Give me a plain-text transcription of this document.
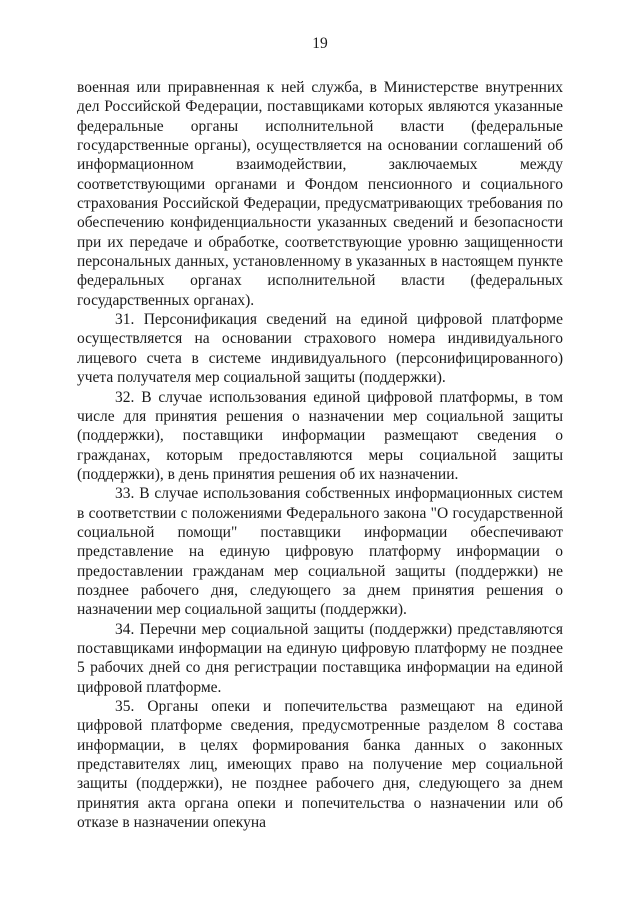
19

военная или приравненная к ней служба, в Министерстве внутренних дел Российской Федерации, поставщиками которых являются указанные федеральные органы исполнительной власти (федеральные государственные органы), осуществляется на основании соглашений об информационном взаимодействии, заключаемых между соответствующими органами и Фондом пенсионного и социального страхования Российской Федерации, предусматривающих требования по обеспечению конфиденциальности указанных сведений и безопасности при их передаче и обработке, соответствующие уровню защищенности персональных данных, установленному в указанных в настоящем пункте федеральных органах исполнительной власти (федеральных государственных органах).

31. Персонификация сведений на единой цифровой платформе осуществляется на основании страхового номера индивидуального лицевого счета в системе индивидуального (персонифицированного) учета получателя мер социальной защиты (поддержки).

32. В случае использования единой цифровой платформы, в том числе для принятия решения о назначении мер социальной защиты (поддержки), поставщики информации размещают сведения о гражданах, которым предоставляются меры социальной защиты (поддержки), в день принятия решения об их назначении.

33. В случае использования собственных информационных систем в соответствии с положениями Федерального закона "О государственной социальной помощи" поставщики информации обеспечивают представление на единую цифровую платформу информации о предоставлении гражданам мер социальной защиты (поддержки) не позднее рабочего дня, следующего за днем принятия решения о назначении мер социальной защиты (поддержки).

34. Перечни мер социальной защиты (поддержки) представляются поставщиками информации на единую цифровую платформу не позднее 5 рабочих дней со дня регистрации поставщика информации на единой цифровой платформе.

35. Органы опеки и попечительства размещают на единой цифровой платформе сведения, предусмотренные разделом 8 состава информации, в целях формирования банка данных о законных представителях лиц, имеющих право на получение мер социальной защиты (поддержки), не позднее рабочего дня, следующего за днем принятия акта органа опеки и попечительства о назначении или об отказе в назначении опекуна
